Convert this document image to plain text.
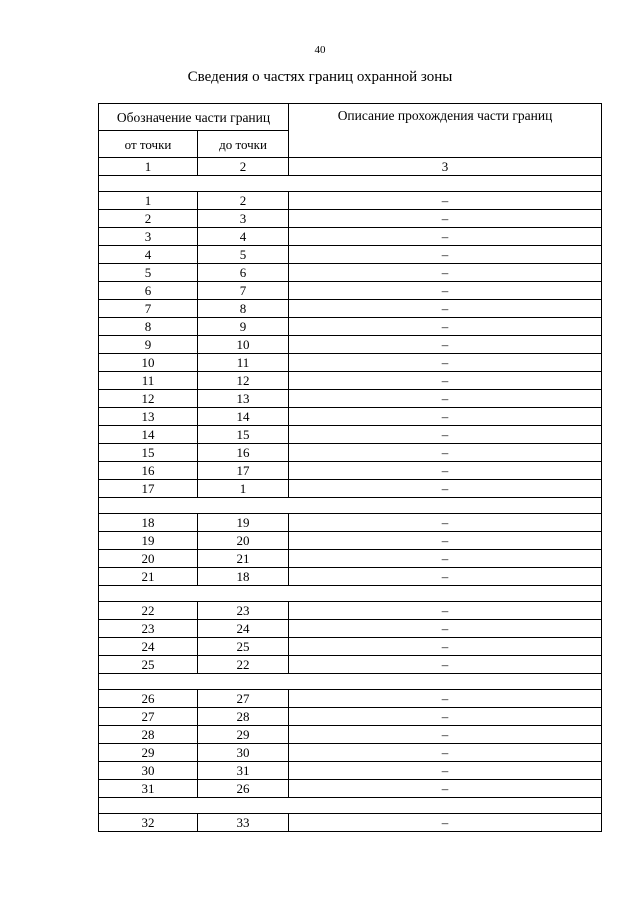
40
Сведения о частях границ охранной зоны
Обозначение части границ		Описание прохождения части границ
от точки	до точки	
1	2	3

1	2	–
2	3	–
3	4	–
4	5	–
5	6	–
6	7	–
7	8	–
8	9	–
9	10	–
10	11	–
11	12	–
12	13	–
13	14	–
14	15	–
15	16	–
16	17	–
17	1	–

18	19	–
19	20	–
20	21	–
21	18	–

22	23	–
23	24	–
24	25	–
25	22	–

26	27	–
27	28	–
28	29	–
29	30	–
30	31	–
31	26	–

32	33	–
